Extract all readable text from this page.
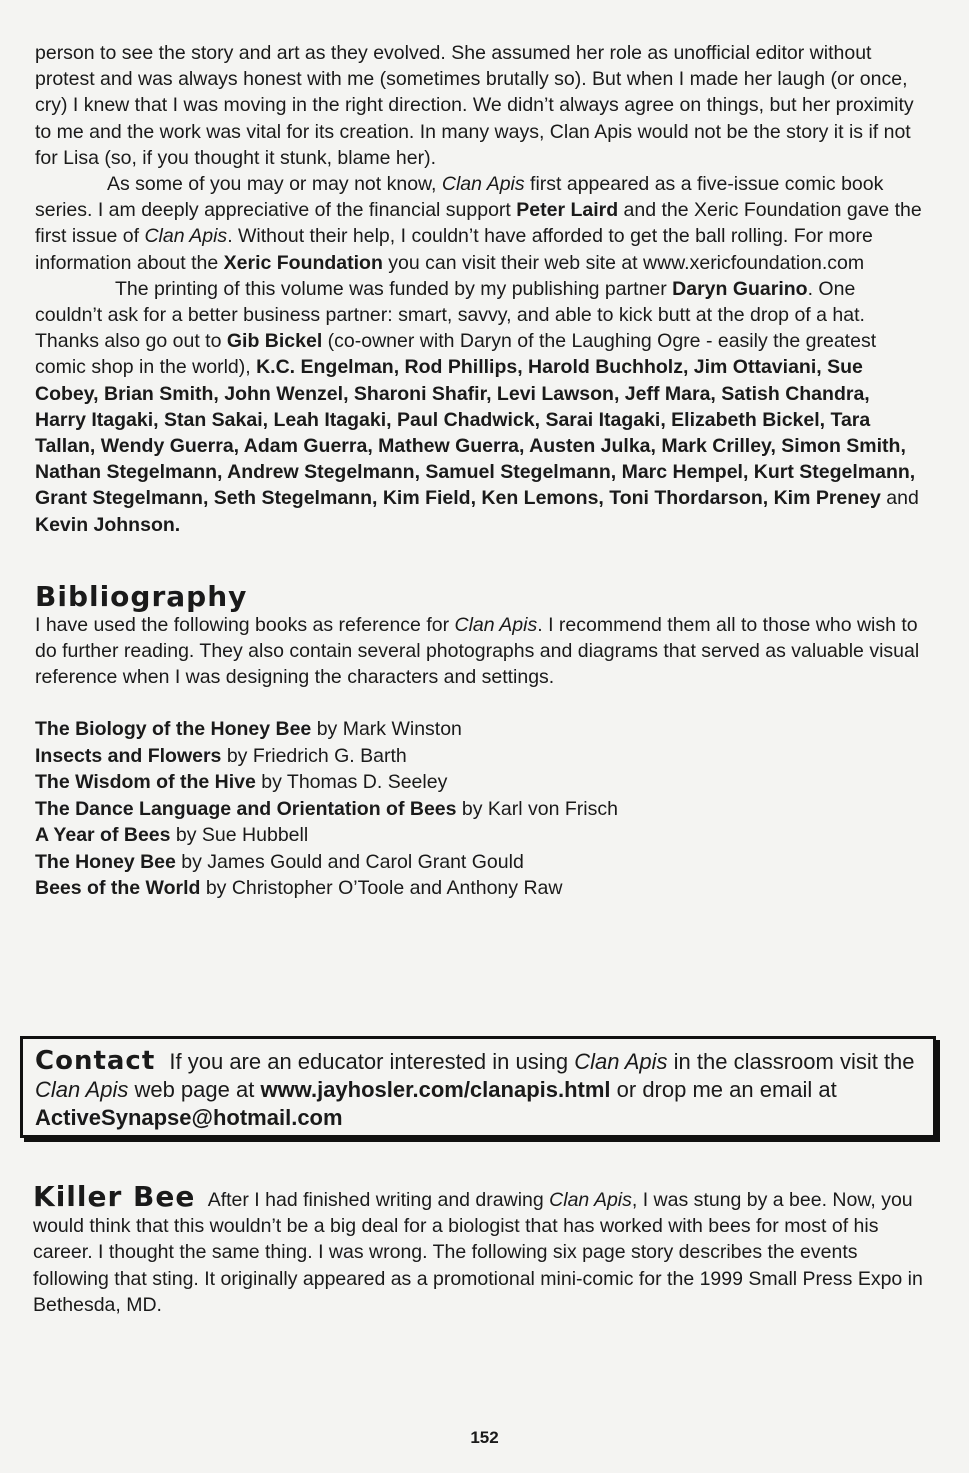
person to see the story and art as they evolved. She assumed her role as unofficial editor without protest and was always honest with me (sometimes brutally so). But when I made her laugh (or once, cry) I knew that I was moving in the right direction. We didn’t always agree on things, but her proximity to me and the work was vital for its creation. In many ways, Clan Apis would not be the story it is if not for Lisa (so, if you thought it stunk, blame her).

As some of you may or may not know, Clan Apis first appeared as a five-issue comic book series. I am deeply appreciative of the financial support Peter Laird and the Xeric Foundation gave the first issue of Clan Apis. Without their help, I couldn’t have afforded to get the ball rolling. For more information about the Xeric Foundation you can visit their web site at www.xericfoundation.com

The printing of this volume was funded by my publishing partner Daryn Guarino. One couldn’t ask for a better business partner: smart, savvy, and able to kick butt at the drop of a hat. Thanks also go out to Gib Bickel (co-owner with Daryn of the Laughing Ogre - easily the greatest comic shop in the world), K.C. Engelman, Rod Phillips, Harold Buchholz, Jim Ottaviani, Sue Cobey, Brian Smith, John Wenzel, Sharoni Shafir, Levi Lawson, Jeff Mara, Satish Chandra, Harry Itagaki, Stan Sakai, Leah Itagaki, Paul Chadwick, Sarai Itagaki, Elizabeth Bickel, Tara Tallan, Wendy Guerra, Adam Guerra, Mathew Guerra, Austen Julka, Mark Crilley, Simon Smith, Nathan Stegelmann, Andrew Stegelmann, Samuel Stegelmann, Marc Hempel, Kurt Stegelmann, Grant Stegelmann, Seth Stegelmann, Kim Field, Ken Lemons, Toni Thordarson, Kim Preney and Kevin Johnson.

Bibliography

I have used the following books as reference for Clan Apis. I recommend them all to those who wish to do further reading. They also contain several photographs and diagrams that served as valuable visual reference when I was designing the characters and settings.

The Biology of the Honey Bee by Mark Winston
Insects and Flowers by Friedrich G. Barth
The Wisdom of the Hive by Thomas D. Seeley
The Dance Language and Orientation of Bees by Karl von Frisch
A Year of Bees by Sue Hubbell
The Honey Bee by James Gould and Carol Grant Gould
Bees of the World by Christopher O’Toole and Anthony Raw

Contact If you are an educator interested in using Clan Apis in the classroom visit the Clan Apis web page at www.jayhosler.com/clanapis.html or drop me an email at ActiveSynapse@hotmail.com

Killer Bee After I had finished writing and drawing Clan Apis, I was stung by a bee. Now, you would think that this wouldn’t be a big deal for a biologist that has worked with bees for most of his career. I thought the same thing. I was wrong. The following six page story describes the events following that sting. It originally appeared as a promotional mini-comic for the 1999 Small Press Expo in Bethesda, MD.

152
